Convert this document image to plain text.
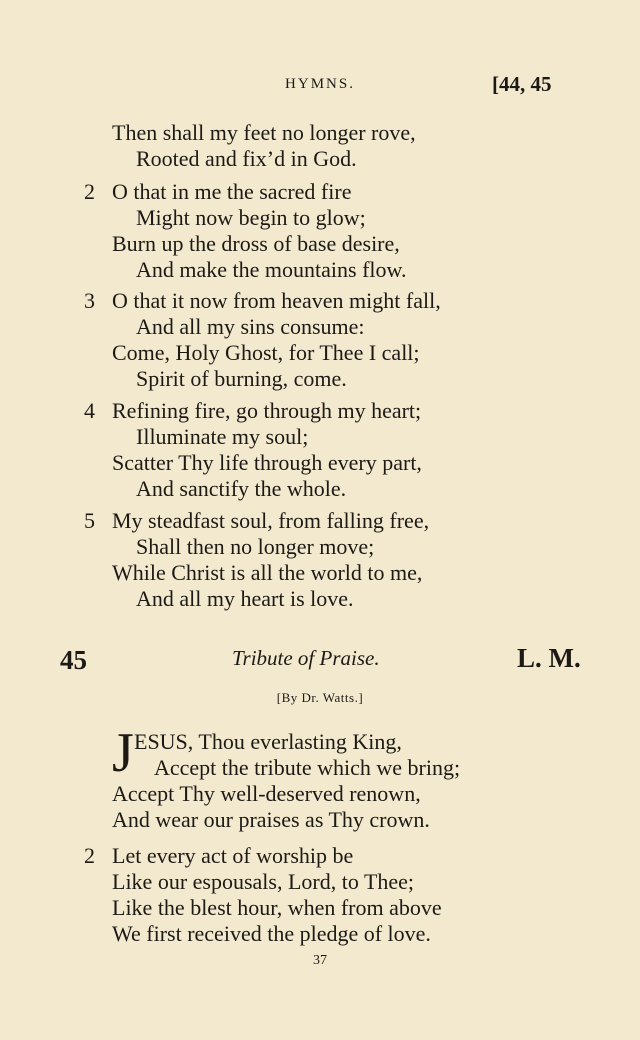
HYMNS.	[44, 45
Then shall my feet no longer rove,
Rooted and fix’d in God.
2 O that in me the sacred fire
Might now begin to glow;
Burn up the dross of base desire,
And make the mountains flow.
3 O that it now from heaven might fall,
And all my sins consume:
Come, Holy Ghost, for Thee I call;
Spirit of burning, come.
4 Refining fire, go through my heart;
Illuminate my soul;
Scatter Thy life through every part,
And sanctify the whole.
5 My steadfast soul, from falling free,
Shall then no longer move;
While Christ is all the world to me,
And all my heart is love.
45	Tribute of Praise.	L. M.
[By Dr. Watts.]
J ESUS, Thou everlasting King,
Accept the tribute which we bring;
Accept Thy well-deserved renown,
And wear our praises as Thy crown.
2 Let every act of worship be
Like our espousals, Lord, to Thee;
Like the blest hour, when from above
We first received the pledge of love.
37
